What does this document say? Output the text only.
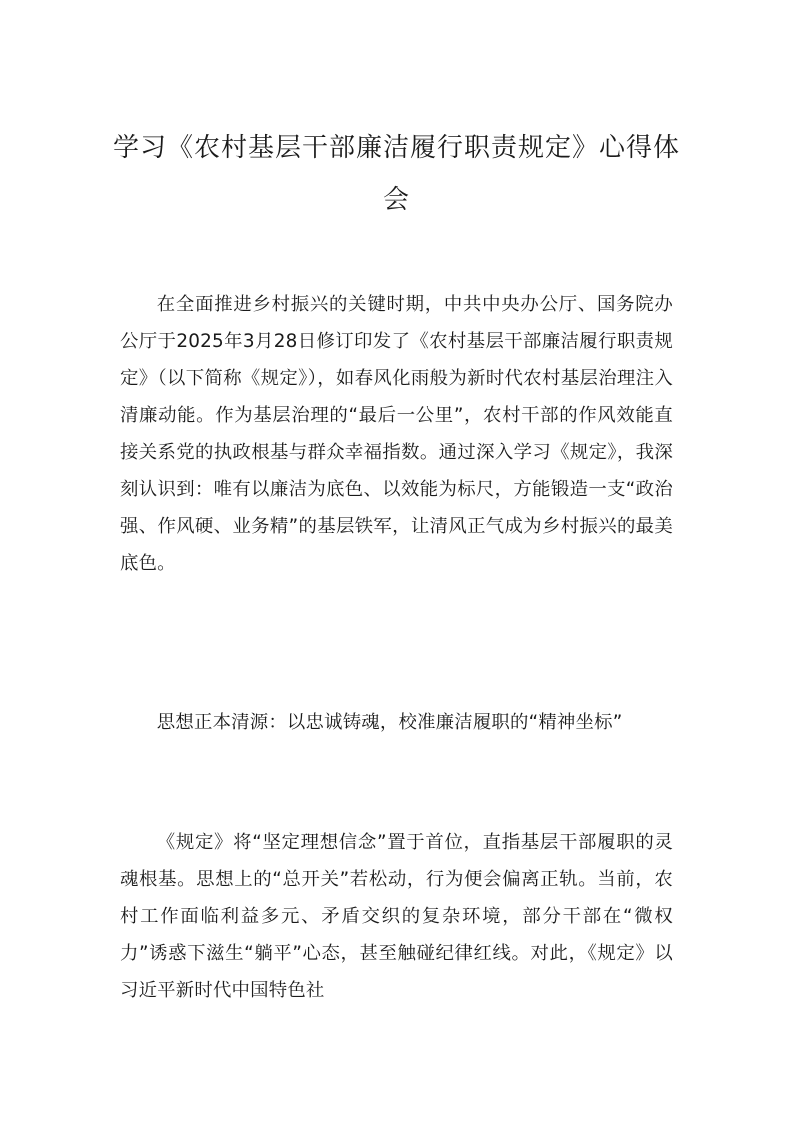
学习《农村基层干部廉洁履行职责规定》心得体会

在全面推进乡村振兴的关键时期，中共中央办公厅、国务院办公厅于2025年3月28日修订印发了《农村基层干部廉洁履行职责规定》（以下简称《规定》），如春风化雨般为新时代农村基层治理注入清廉动能。作为基层治理的“最后一公里”，农村干部的作风效能直接关系党的执政根基与群众幸福指数。通过深入学习《规定》，我深刻认识到：唯有以廉洁为底色、以效能为标尺，方能锻造一支“政治强、作风硬、业务精”的基层铁军，让清风正气成为乡村振兴的最美底色。

思想正本清源：以忠诚铸魂，校准廉洁履职的“精神坐标”

《规定》将“坚定理想信念”置于首位，直指基层干部履职的灵魂根基。思想上的“总开关”若松动，行为便会偏离正轨。当前，农村工作面临利益多元、矛盾交织的复杂环境，部分干部在“微权力”诱惑下滋生“躺平”心态，甚至触碰纪律红线。对此，《规定》以习近平新时代中国特色社
